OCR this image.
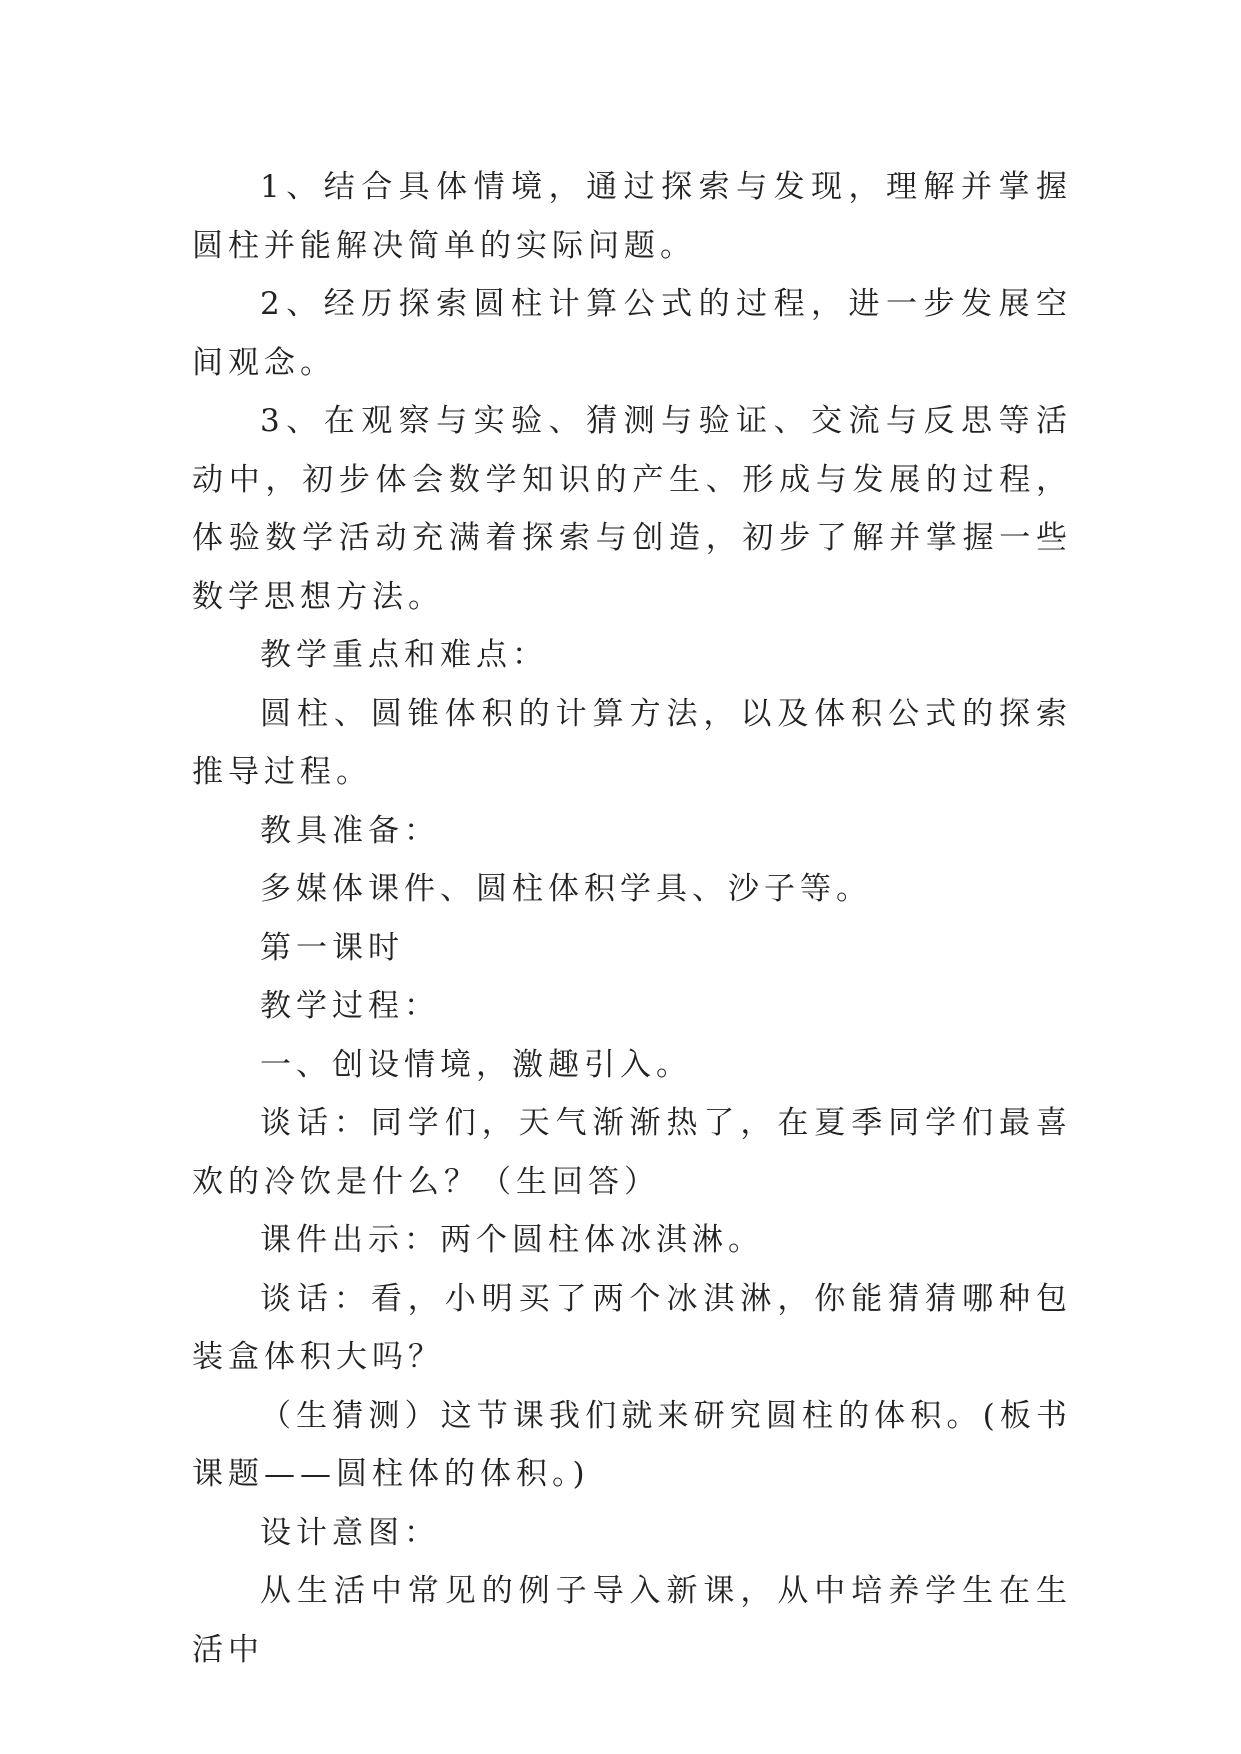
1、结合具体情境，通过探索与发现，理解并掌握圆柱并能解决简单的实际问题。

2、经历探索圆柱计算公式的过程，进一步发展空间观念。

3、在观察与实验、猜测与验证、交流与反思等活动中，初步体会数学知识的产生、形成与发展的过程，体验数学活动充满着探索与创造，初步了解并掌握一些数学思想方法。

教学重点和难点：

圆柱、圆锥体积的计算方法，以及体积公式的探索推导过程。

教具准备：

多媒体课件、圆柱体积学具、沙子等。

第一课时

教学过程：

一、创设情境，激趣引入。

谈话：同学们，天气渐渐热了，在夏季同学们最喜欢的冷饮是什么？（生回答）

课件出示：两个圆柱体冰淇淋。

谈话：看，小明买了两个冰淇淋，你能猜猜哪种包装盒体积大吗？

（生猜测）这节课我们就来研究圆柱的体积。(板书课题——圆柱体的体积。)

设计意图：

从生活中常见的例子导入新课，从中培养学生在生活中
